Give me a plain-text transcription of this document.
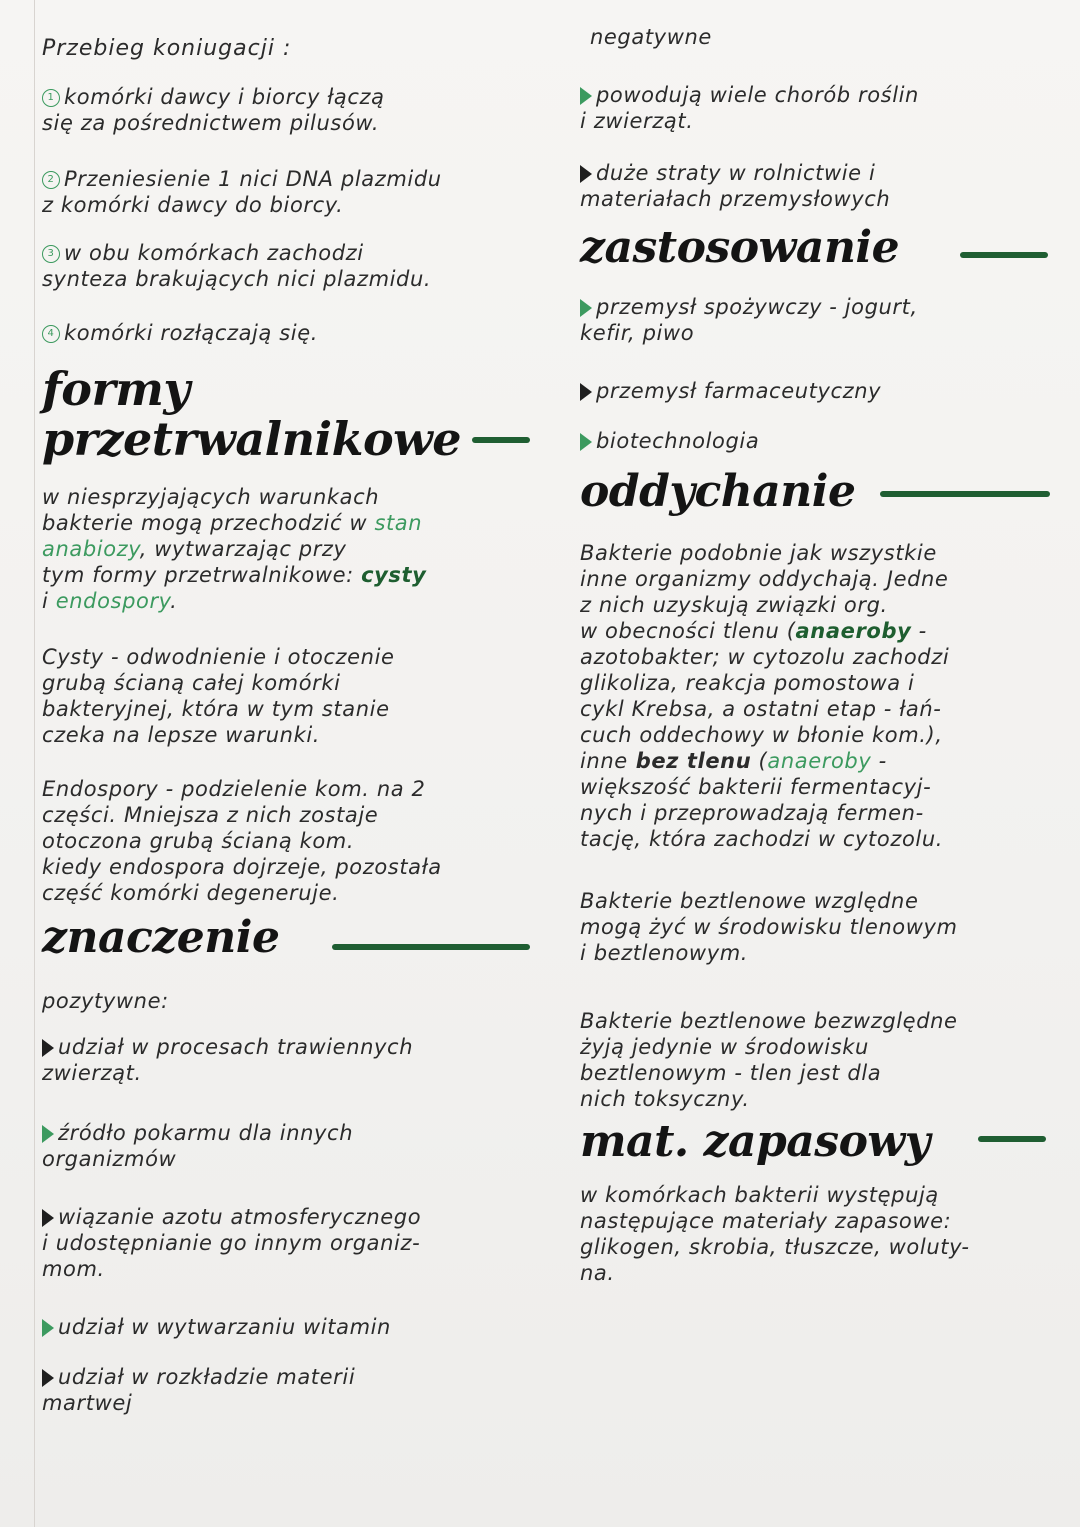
Przebieg koniugacji :

1 komórki dawcy i biorcy łączą
się za pośrednictwem pilusów.

2 Przeniesienie 1 nici DNA plazmidu
z komórki dawcy do biorcy.

3 w obu komórkach zachodzi
synteza brakujących nici plazmidu.

4 komórki rozłączają się.

formy
przetrwalnikowe

w niesprzyjających warunkach
bakterie mogą przechodzić w stan anabiozy, wytwarzając przy
tym formy przetrwalnikowe: cysty
i endospory.

Cysty - odwodnienie i otoczenie
grubą ścianą całej komórki
bakteryjnej, która w tym stanie
czeka na lepsze warunki.

Endospory - podzielenie kom. na 2
części. Mniejsza z nich zostaje
otoczona grubą ścianą kom.
kiedy endospora dojrzeje, pozostała
część komórki degeneruje.

znaczenie

pozytywne:

udział w procesach trawiennych
zwierząt.

źródło pokarmu dla innych
organizmów

wiązanie azotu atmosferycznego
i udostępnianie go innym organiz-
mom.

udział w wytwarzaniu witamin

udział w rozkładzie materii
martwej

negatywne

powodują wiele chorób roślin
i zwierząt.

duże straty w rolnictwie i
materiałach przemysłowych

zastosowanie

przemysł spożywczy - jogurt,
kefir, piwo

przemysł farmaceutyczny

biotechnologia

oddychanie

Bakterie podobnie jak wszystkie
inne organizmy oddychają. Jedne
z nich uzyskują związki org.
w obecności tlenu (anaeroby -
azotobakter; w cytozolu zachodzi
glikoliza, reakcja pomostowa i
cykl Krebsa, a ostatni etap - łań-
cuch oddechowy w błonie kom.),
inne bez tlenu (anaeroby -
większość bakterii fermentacyj-
nych i przeprowadzają fermen-
tację, która zachodzi w cytozolu.

Bakterie beztlenowe względne
mogą żyć w środowisku tlenowym
i beztlenowym.

Bakterie beztlenowe bezwzględne
żyją jedynie w środowisku
beztlenowym - tlen jest dla
nich toksyczny.

mat. zapasowy

w komórkach bakterii występują
następujące materiały zapasowe:
glikogen, skrobia, tłuszcze, woluty-
na.
